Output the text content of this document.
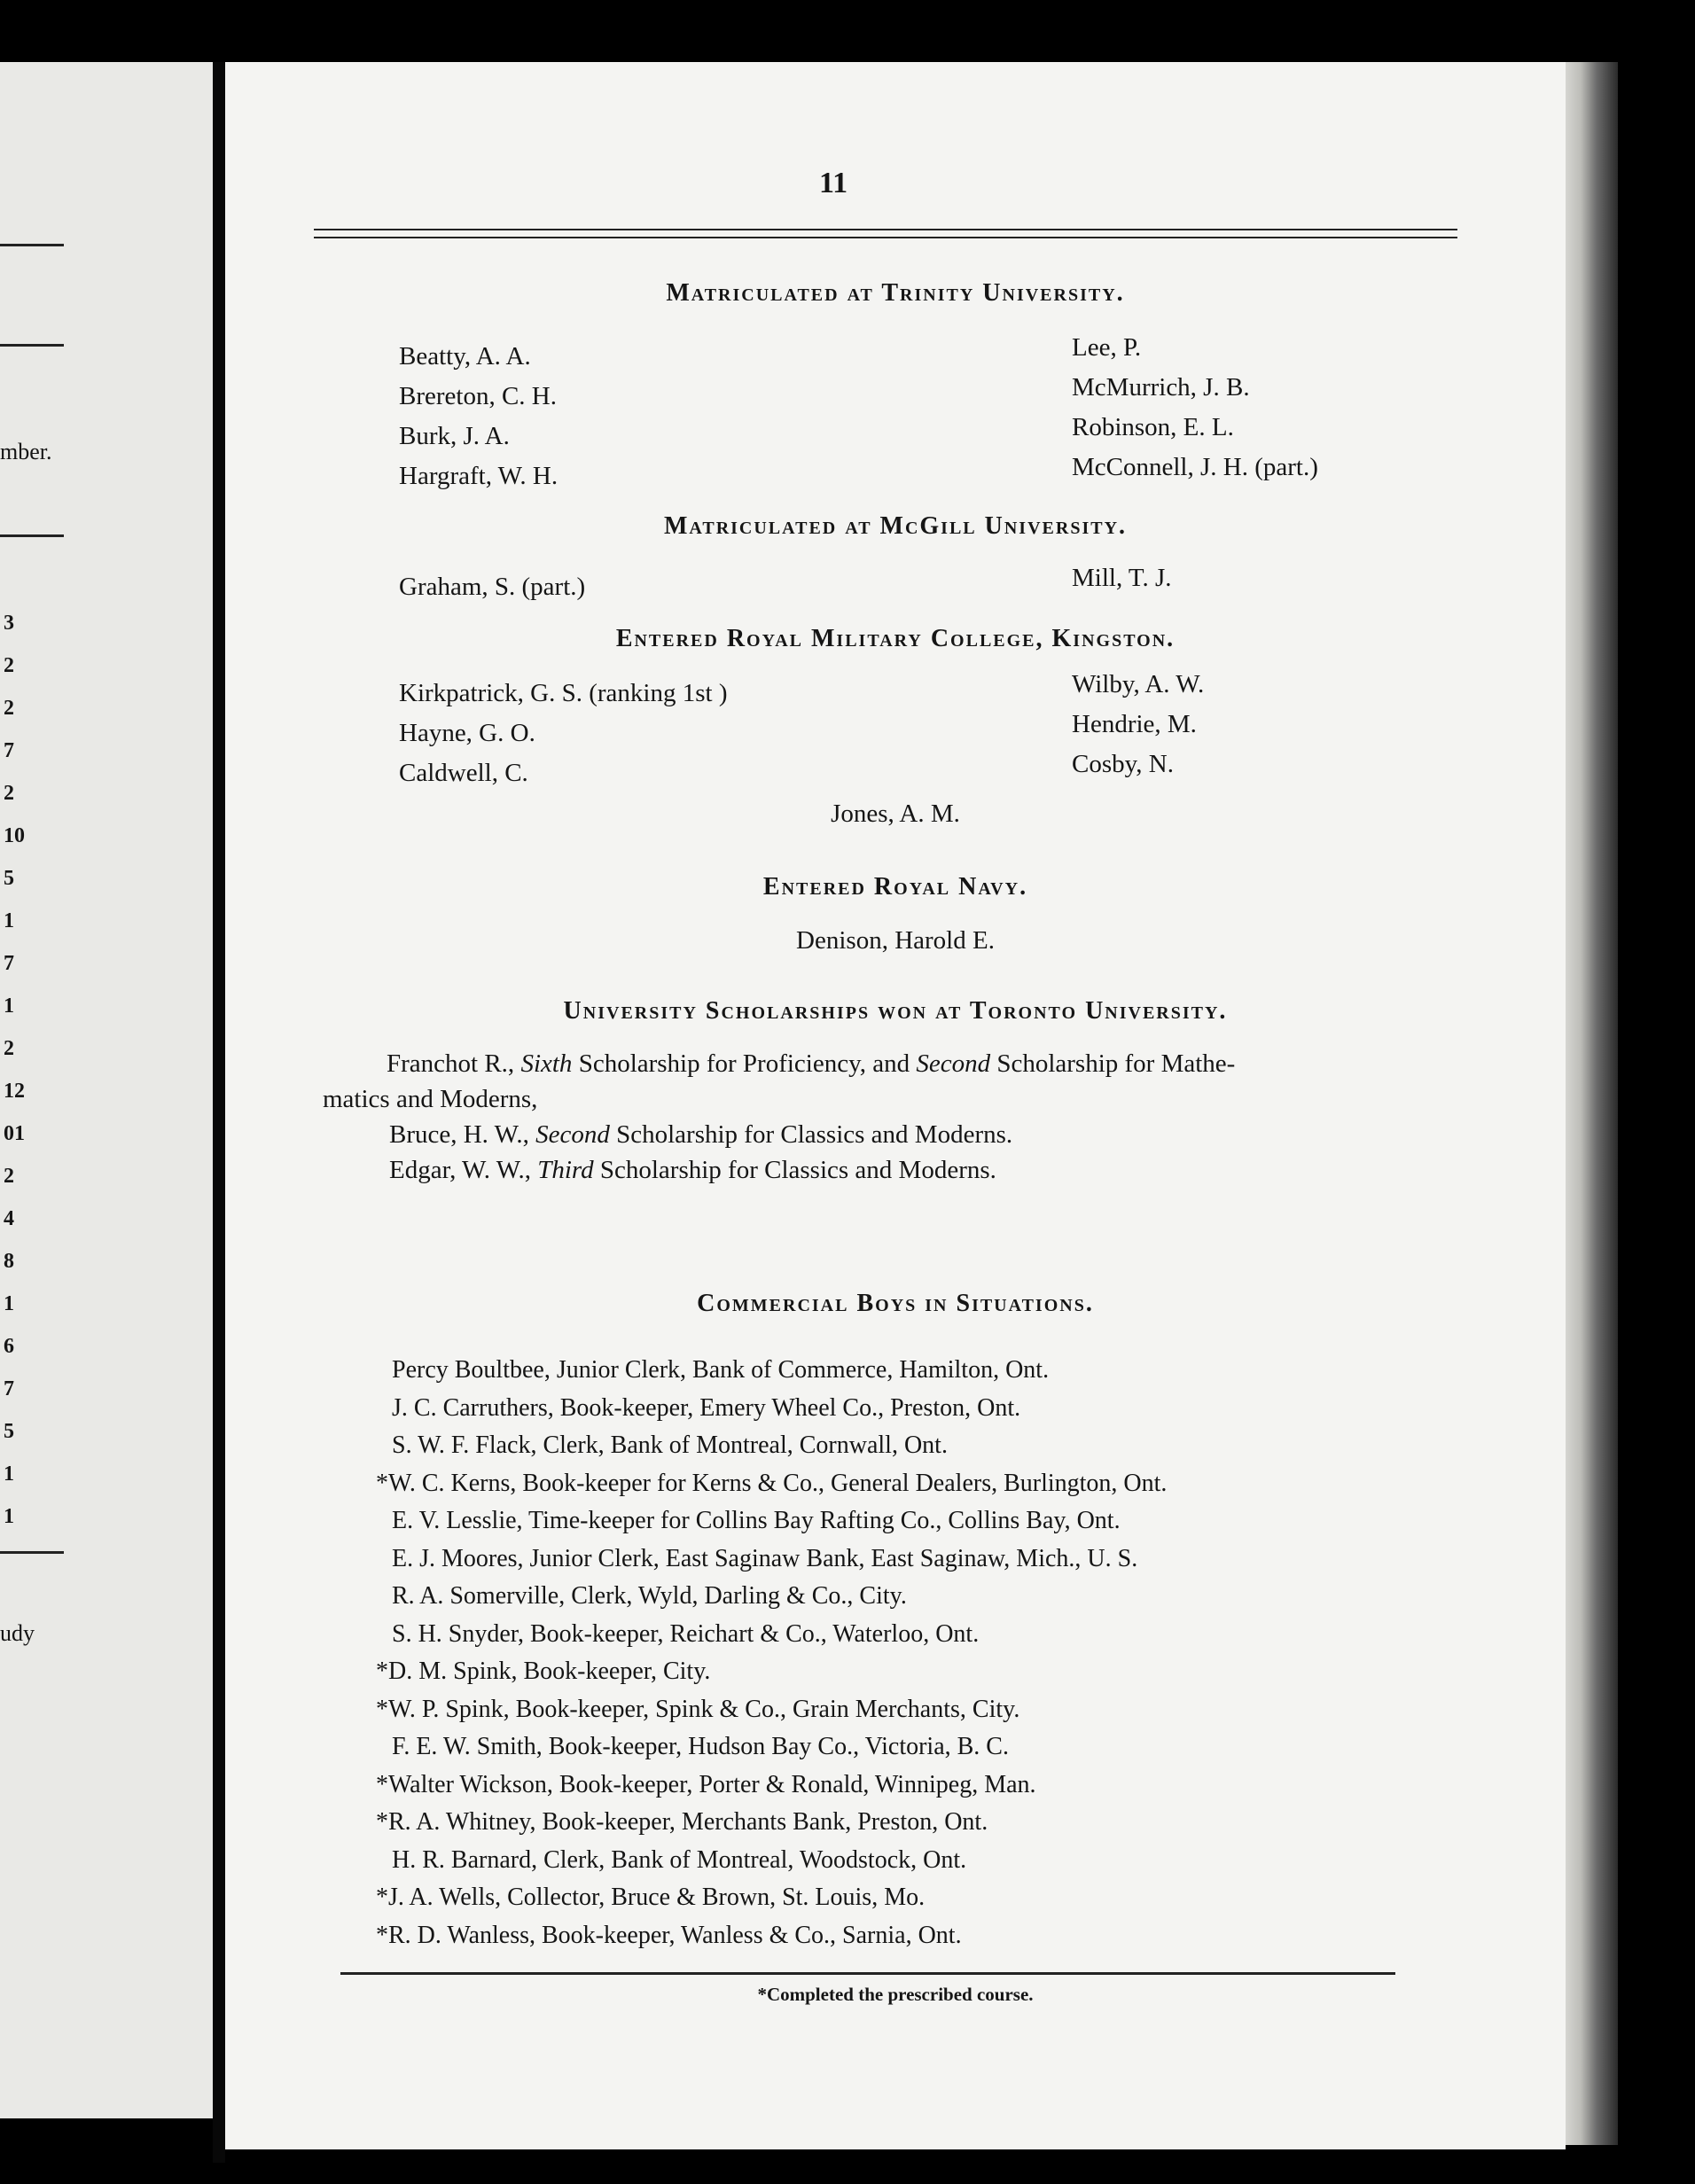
mber.
3
2
2
7
2
10
5
1
7
1
2
12
01
2
4
8
1
6
7
5
1
1
udy
11
Matriculated at Trinity University.
Beatty, A. A.
Brereton, C. H.
Burk, J. A.
Hargraft, W. H.
Lee, P.
McMurrich, J. B.
Robinson, E. L.
McConnell, J. H. (part.)
Matriculated at McGill University.
Graham, S. (part.)	Mill, T. J.
Entered Royal Military College, Kingston.
Kirkpatrick, G. S. (ranking 1st )
Hayne, G. O.
Caldwell, C.
Wilby, A. W.
Hendrie, M.
Cosby, N.
Jones, A. M.
Entered Royal Navy.
Denison, Harold E.
University Scholarships won at Toronto University.
Franchot R., Sixth Scholarship for Proficiency, and Second Scholarship for Mathe-
matics and Moderns,
Bruce, H. W., Second Scholarship for Classics and Moderns.
Edgar, W. W., Third Scholarship for Classics and Moderns.
Commercial Boys in Situations.
Percy Boultbee, Junior Clerk, Bank of Commerce, Hamilton, Ont.
J. C. Carruthers, Book-keeper, Emery Wheel Co., Preston, Ont.
S. W. F. Flack, Clerk, Bank of Montreal, Cornwall, Ont.
*W. C. Kerns, Book-keeper for Kerns & Co., General Dealers, Burlington, Ont.
E. V. Lesslie, Time-keeper for Collins Bay Rafting Co., Collins Bay, Ont.
E. J. Moores, Junior Clerk, East Saginaw Bank, East Saginaw, Mich., U. S.
R. A. Somerville, Clerk, Wyld, Darling & Co., City.
S. H. Snyder, Book-keeper, Reichart & Co., Waterloo, Ont.
*D. M. Spink, Book-keeper, City.
*W. P. Spink, Book-keeper, Spink & Co., Grain Merchants, City.
F. E. W. Smith, Book-keeper, Hudson Bay Co., Victoria, B. C.
*Walter Wickson, Book-keeper, Porter & Ronald, Winnipeg, Man.
*R. A. Whitney, Book-keeper, Merchants Bank, Preston, Ont.
H. R. Barnard, Clerk, Bank of Montreal, Woodstock, Ont.
*J. A. Wells, Collector, Bruce & Brown, St. Louis, Mo.
*R. D. Wanless, Book-keeper, Wanless & Co., Sarnia, Ont.
*Completed the prescribed course.
